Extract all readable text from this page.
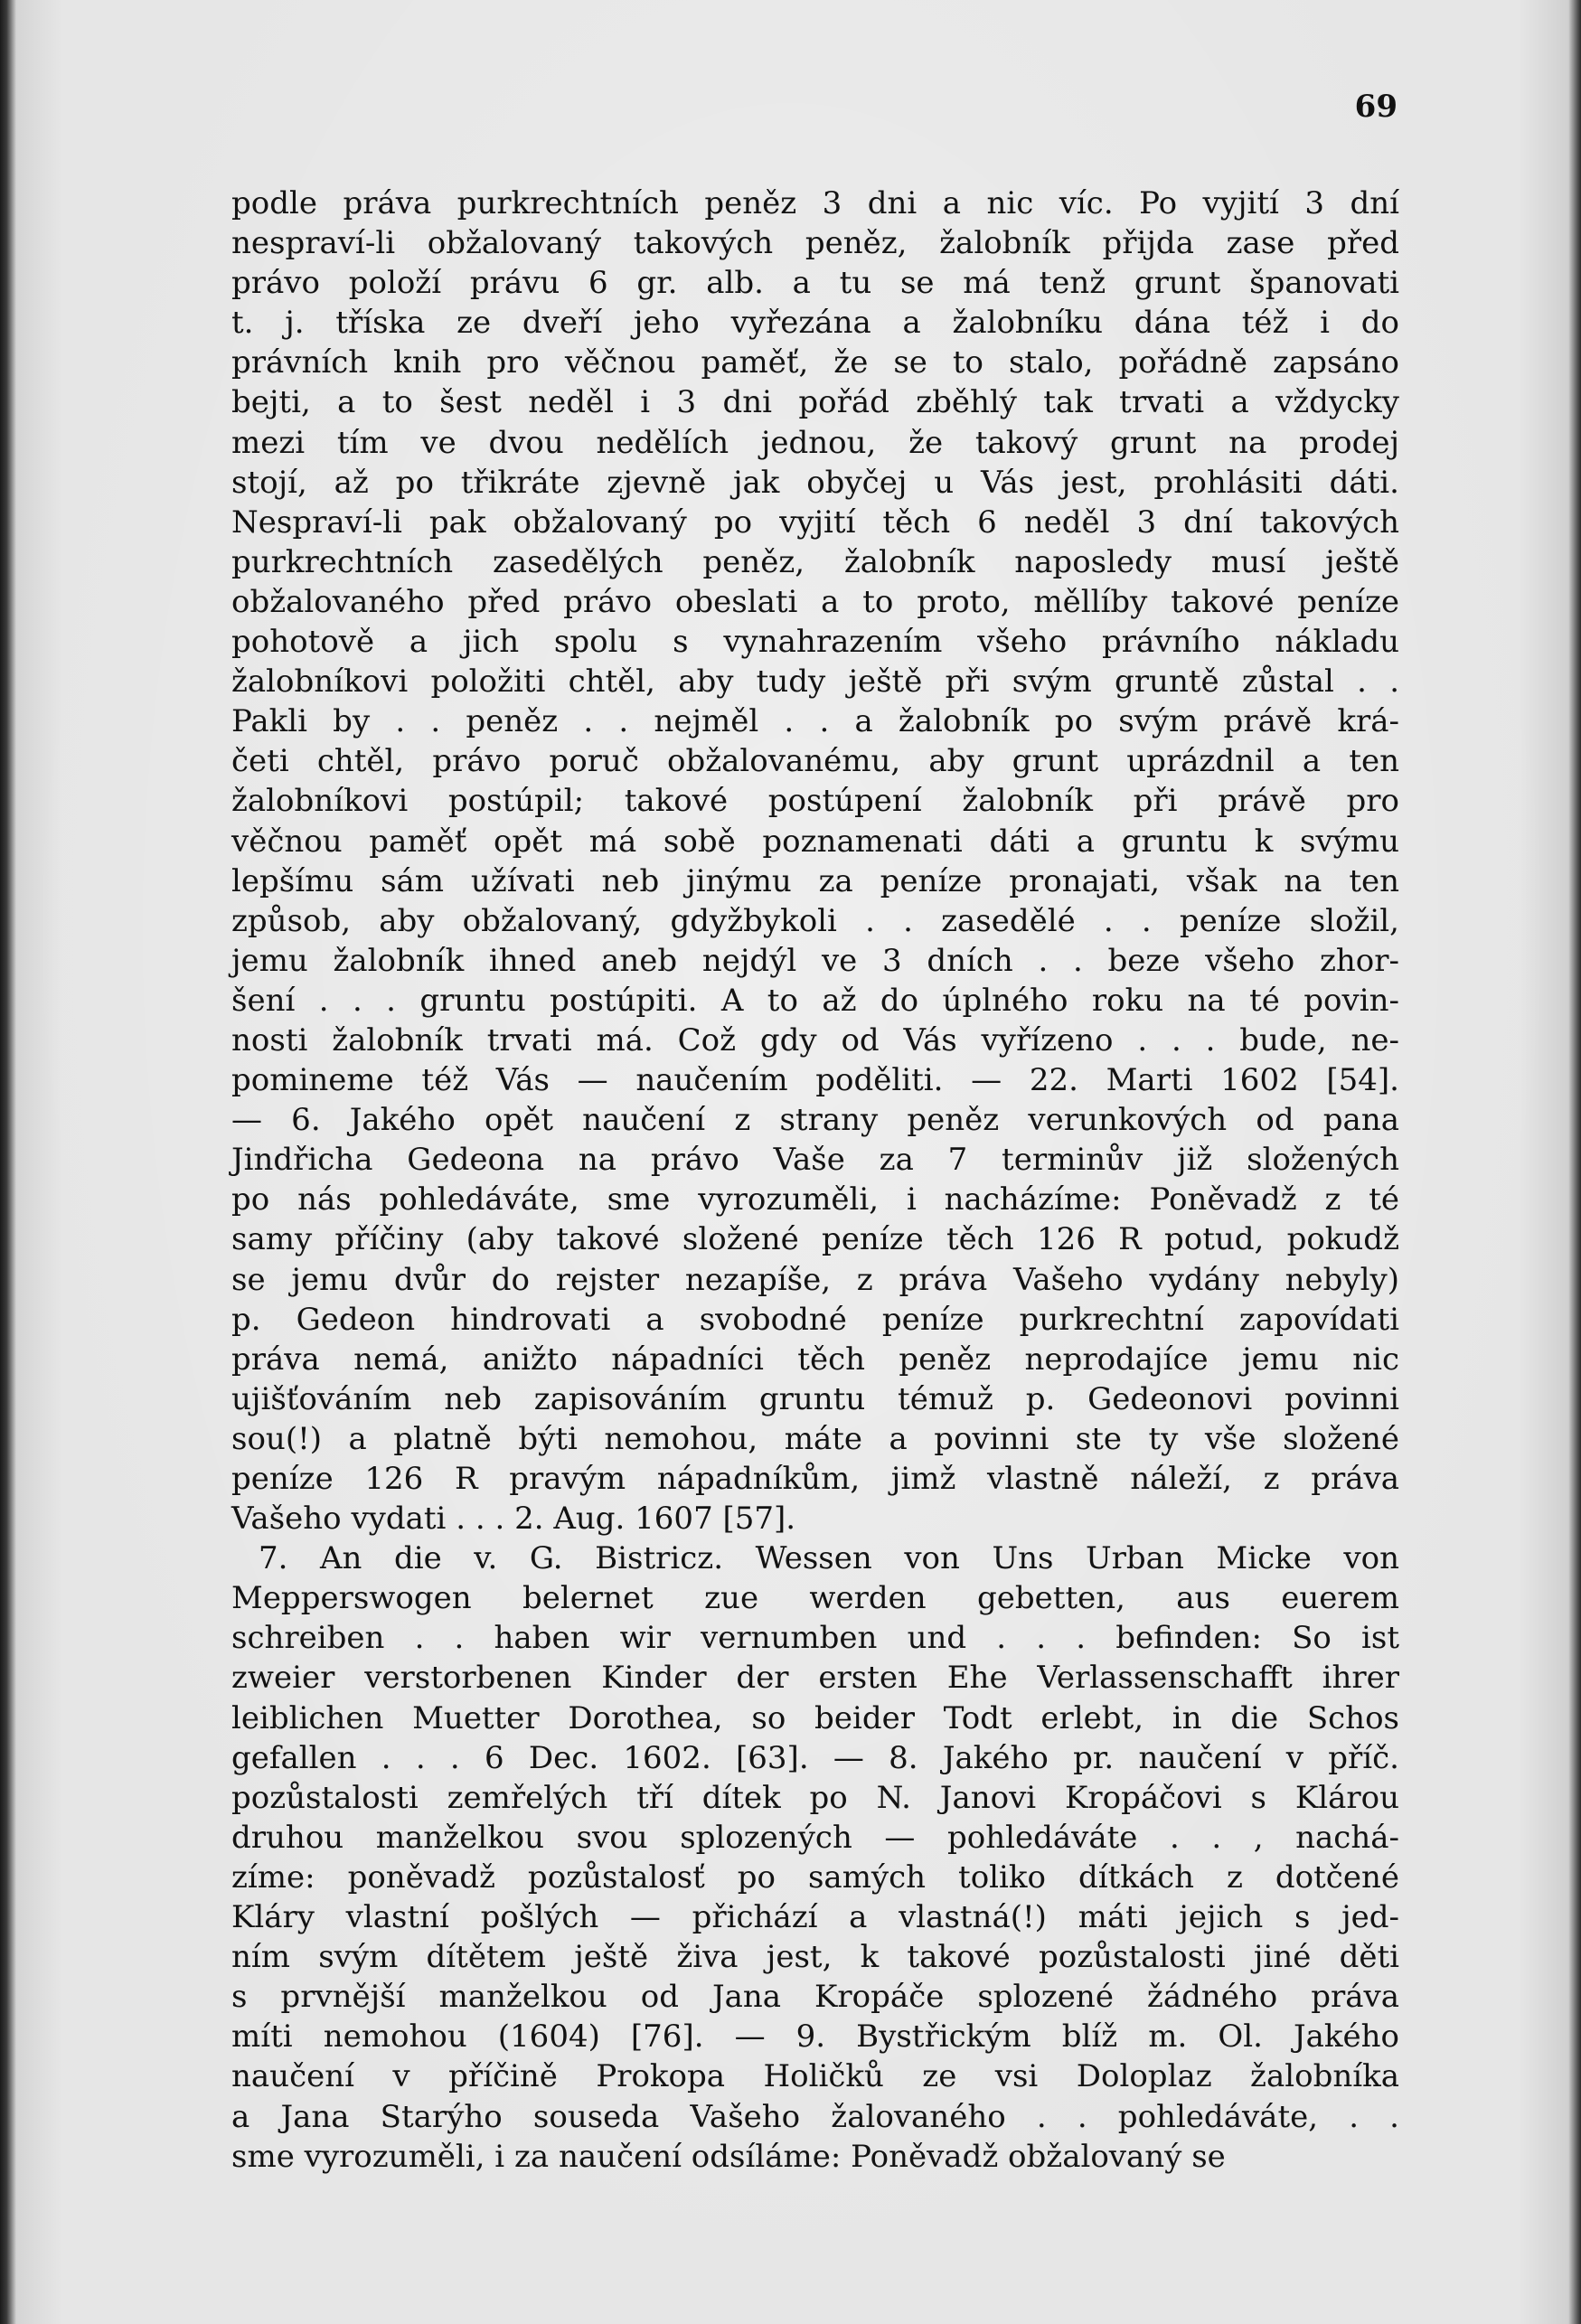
69
podle práva purkrechtních peněz 3 dni a nic víc. Po vyjití 3 dní
nespraví-li obžalovaný takových peněz, žalobník přijda zase před
právo položí právu 6 gr. alb. a tu se má tenž grunt španovati
t. j. tříska ze dveří jeho vyřezána a žalobníku dána též i do
právních knih pro věčnou paměť, že se to stalo, pořádně zapsáno
bejti, a to šest neděl i 3 dni pořád zběhlý tak trvati a vždycky
mezi tím ve dvou nedělích jednou, že takový grunt na prodej
stojí, až po třikráte zjevně jak obyčej u Vás jest, prohlásiti dáti.
Nespraví-li pak obžalovaný po vyjití těch 6 neděl 3 dní takových
purkrechtních zasedělých peněz, žalobník naposledy musí ještě
obžalovaného před právo obeslati a to proto, měllíby takové peníze
pohotově a jich spolu s vynahrazením všeho právního nákladu
žalobníkovi položiti chtěl, aby tudy ještě při svým gruntě zůstal . .
Pakli by . . peněz . . nejměl . . a žalobník po svým právě krá-
četi chtěl, právo poruč obžalovanému, aby grunt uprázdnil a ten
žalobníkovi postúpil; takové postúpení žalobník při právě pro
věčnou paměť opět má sobě poznamenati dáti a gruntu k svýmu
lepšímu sám užívati neb jinýmu za peníze pronajati, však na ten
způsob, aby obžalovaný, gdyžbykoli . . zasedělé . . peníze složil,
jemu žalobník ihned aneb nejdýl ve 3 dních . . beze všeho zhor-
šení . . . gruntu postúpiti. A to až do úplného roku na té povin-
nosti žalobník trvati má. Což gdy od Vás vyřízeno . . . bude, ne-
pomineme též Vás — naučením poděliti. — 22. Marti 1602 [54].
— 6. Jakého opět naučení z strany peněz verunkových od pana
Jindřicha Gedeona na právo Vaše za 7 terminův již složených
po nás pohledáváte, sme vyrozuměli, i nacházíme: Poněvadž z té
samy příčiny (aby takové složené peníze těch 126 R potud, pokudž
se jemu dvůr do rejster nezapíše, z práva Vašeho vydány nebyly)
p. Gedeon hindrovati a svobodné peníze purkrechtní zapovídati
práva nemá, anižto nápadníci těch peněz neprodajíce jemu nic
ujišťováním neb zapisováním gruntu témuž p. Gedeonovi povinni
sou(!) a platně býti nemohou, máte a povinni ste ty vše složené
peníze 126 R pravým nápadníkům, jimž vlastně náleží, z práva
Vašeho vydati . . . 2. Aug. 1607 [57].
7. An die v. G. Bistricz. Wessen von Uns Urban Micke von
Mepperswogen belernet zue werden gebetten, aus euerem
schreiben . . haben wir vernumben und . . . befinden: So ist
zweier verstorbenen Kinder der ersten Ehe Verlassenschafft ihrer
leiblichen Muetter Dorothea, so beider Todt erlebt, in die Schos
gefallen . . . 6 Dec. 1602. [63]. — 8. Jakého pr. naučení v příč.
pozůstalosti zemřelých tří dítek po N. Janovi Kropáčovi s Klárou
druhou manželkou svou splozených — pohledáváte . . , nachá-
zíme: poněvadž pozůstalosť po samých toliko dítkách z dotčené
Kláry vlastní pošlých — přichází a vlastná(!) máti jejich s jed-
ním svým dítětem ještě živa jest, k takové pozůstalosti jiné děti
s prvnější manželkou od Jana Kropáče splozené žádného práva
míti nemohou (1604) [76]. — 9. Bystřickým blíž m. Ol. Jakého
naučení v příčině Prokopa Holičků ze vsi Doloplaz žalobníka
a Jana Starýho souseda Vašeho žalovaného . . pohledáváte, . .
sme vyrozuměli, i za naučení odsíláme: Poněvadž obžalovaný se
